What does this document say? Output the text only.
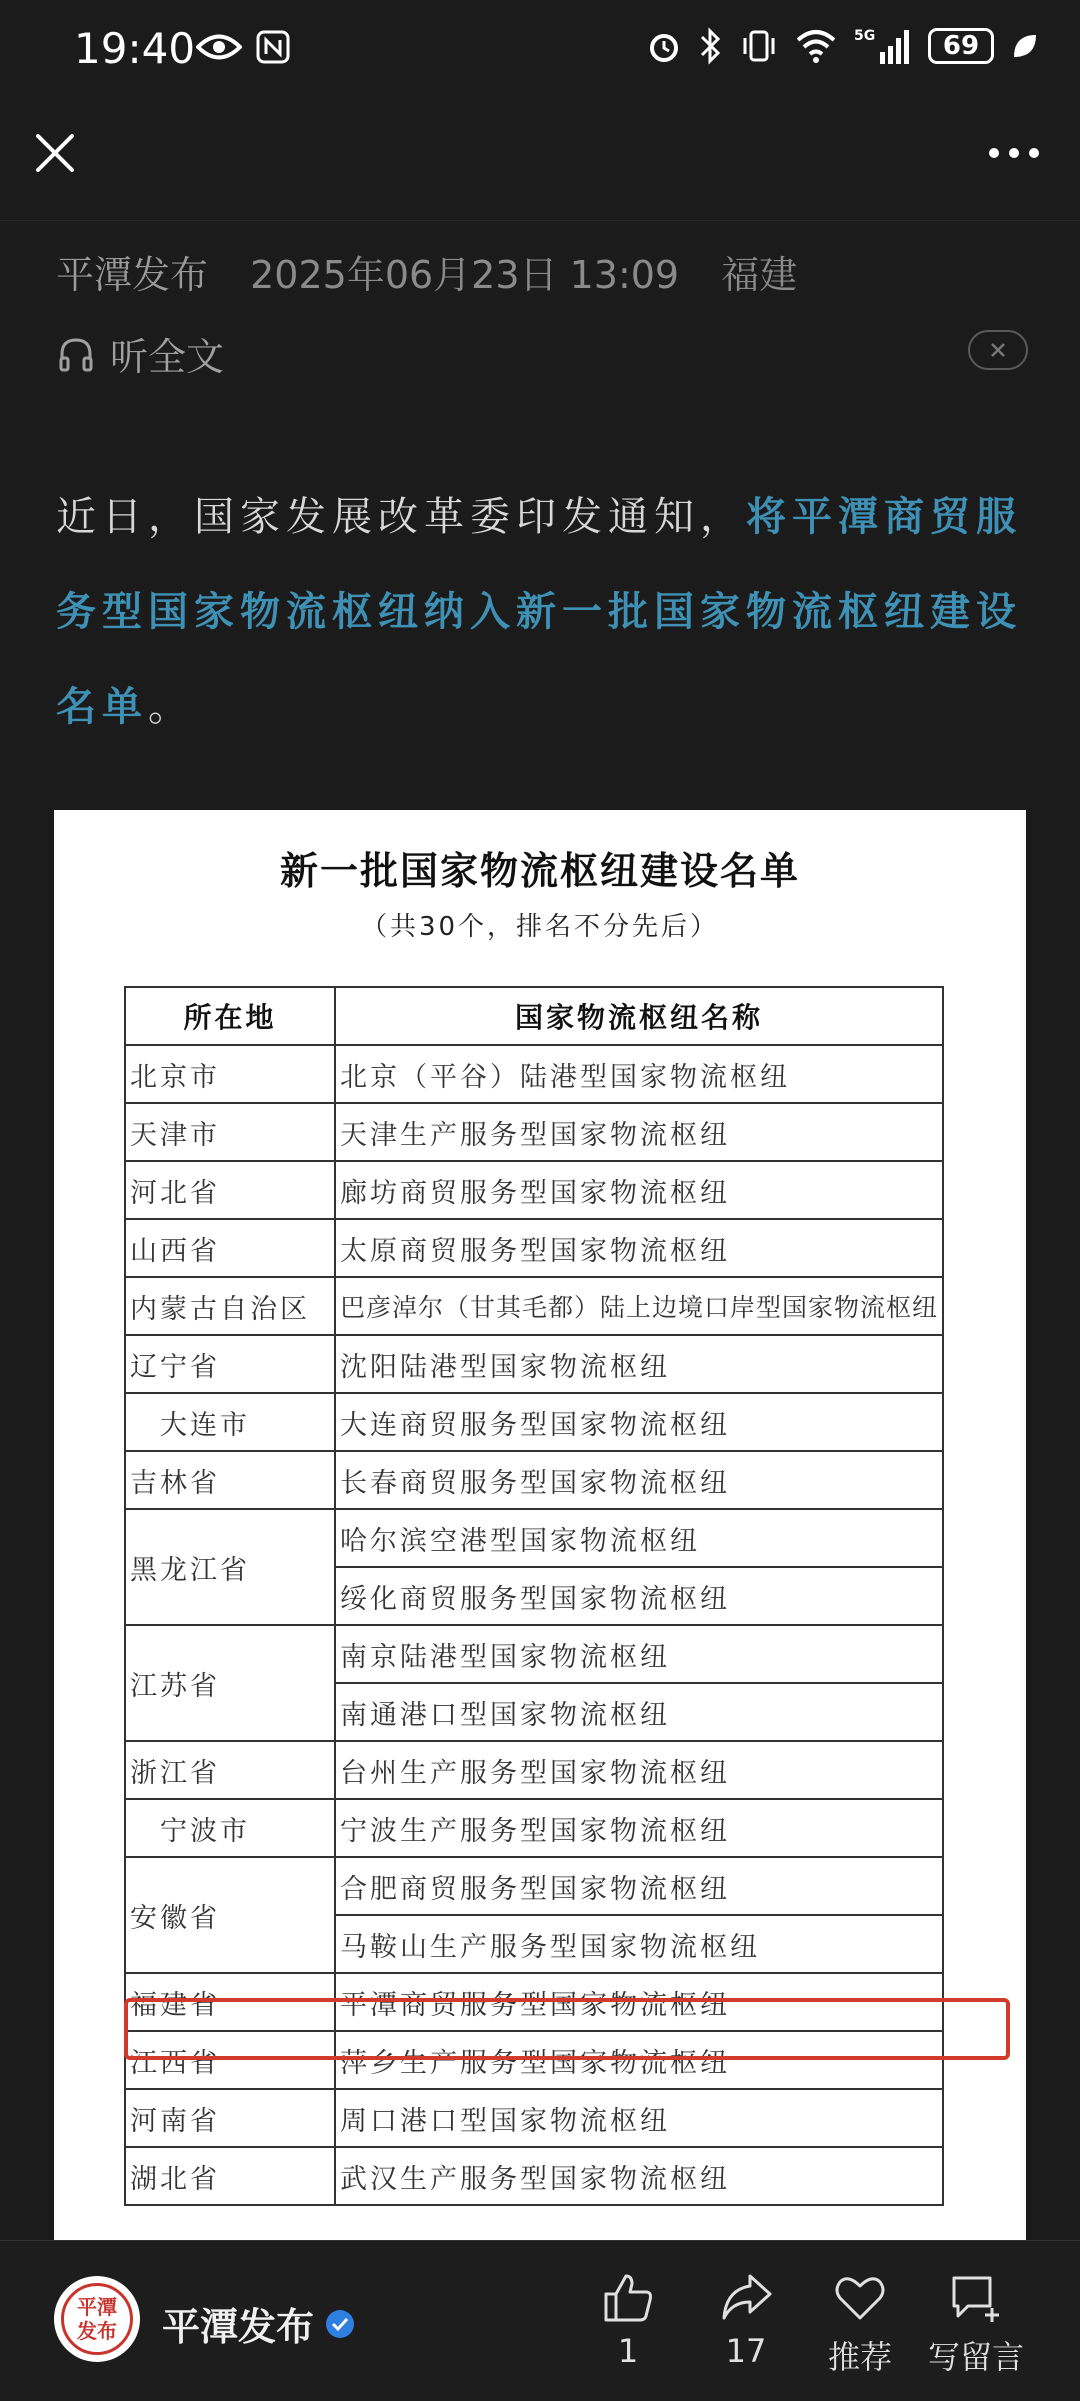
19:40	5G	69
平潭发布 2025年06月23日 13:09 福建
听全文
近日，国家发展改革委印发通知，将平潭商贸服务型国家物流枢纽纳入新一批国家物流枢纽建设名单。
新一批国家物流枢纽建设名单
（共30个，排名不分先后）
所在地	国家物流枢纽名称
北京市	北京（平谷）陆港型国家物流枢纽
天津市	天津生产服务型国家物流枢纽
河北省	廊坊商贸服务型国家物流枢纽
山西省	太原商贸服务型国家物流枢纽
内蒙古自治区	巴彦淖尔（甘其毛都）陆上边境口岸型国家物流枢纽
辽宁省	沈阳陆港型国家物流枢纽
大连市	大连商贸服务型国家物流枢纽
吉林省	长春商贸服务型国家物流枢纽
黑龙江省	哈尔滨空港型国家物流枢纽
	绥化商贸服务型国家物流枢纽
江苏省	南京陆港型国家物流枢纽
	南通港口型国家物流枢纽
浙江省	台州生产服务型国家物流枢纽
宁波市	宁波生产服务型国家物流枢纽
安徽省	合肥商贸服务型国家物流枢纽
	马鞍山生产服务型国家物流枢纽
福建省	平潭商贸服务型国家物流枢纽
江西省	萍乡生产服务型国家物流枢纽
河南省	周口港口型国家物流枢纽
湖北省	武汉生产服务型国家物流枢纽
平潭发布	平潭发布
1	17 推荐 写留言
